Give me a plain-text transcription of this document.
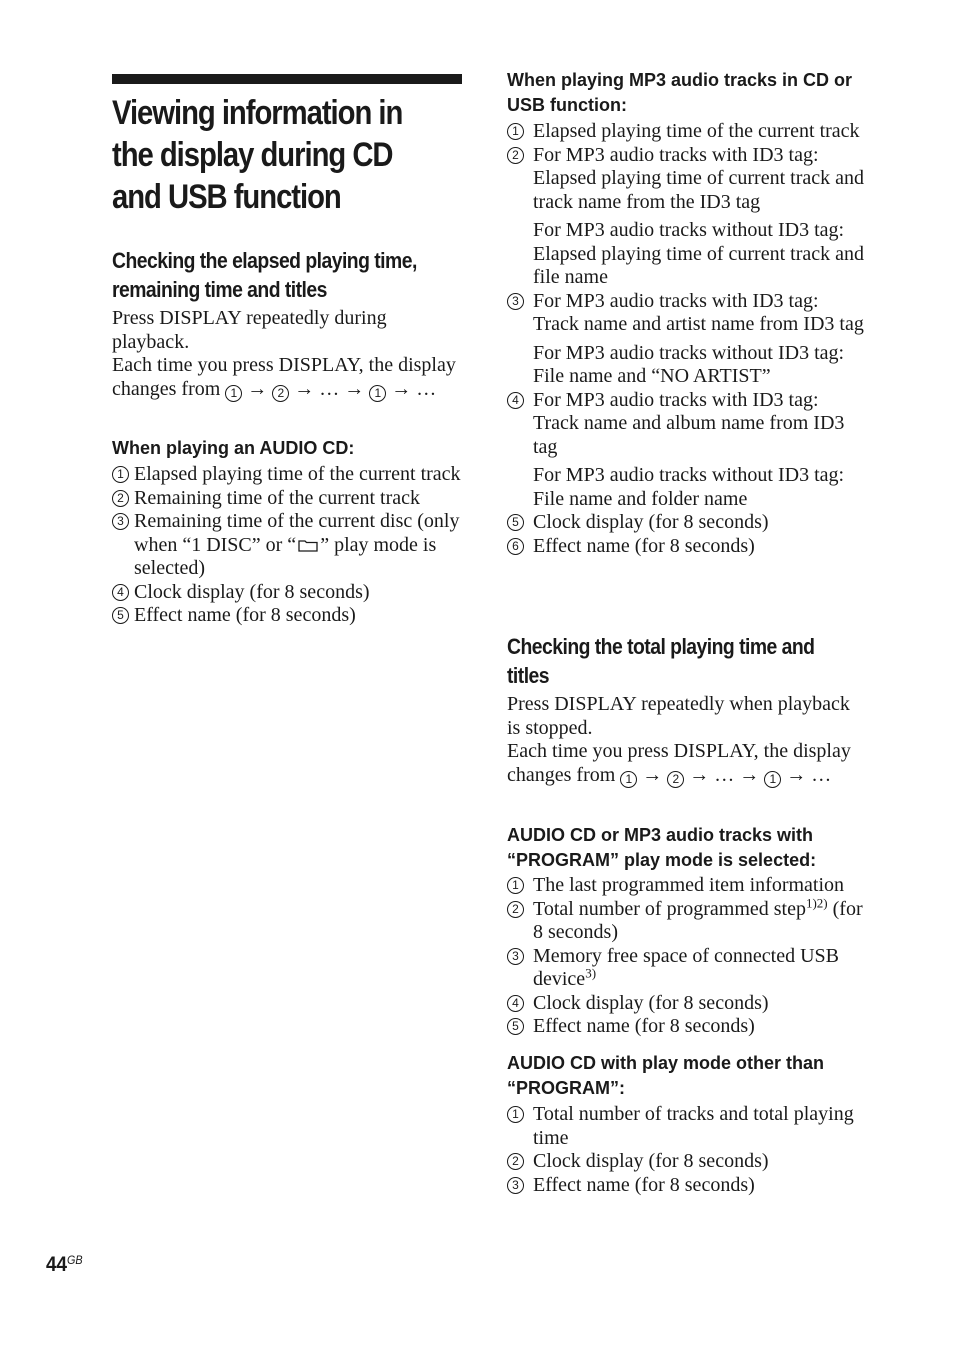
Viewing information in the display during CD and USB function
Checking the elapsed playing time, remaining time and titles

Press DISPLAY repeatedly during playback.

Each time you press DISPLAY, the display changes from 1 → 2 → … → 1 → …

When playing an AUDIO CD:
1 Elapsed playing time of the current track
2 Remaining time of the current track
3 Remaining time of the current disc (only when “1 DISC” or “ ” play mode is selected)
4 Clock display (for 8 seconds)
5 Effect name (for 8 seconds)
When playing MP3 audio tracks in CD or USB function:
1 Elapsed playing time of the current track
2 For MP3 audio tracks with ID3 tag: Elapsed playing time of current track and track name from the ID3 tag
For MP3 audio tracks without ID3 tag: Elapsed playing time of current track and file name
3 For MP3 audio tracks with ID3 tag: Track name and artist name from ID3 tag
For MP3 audio tracks without ID3 tag: File name and “NO ARTIST”
4 For MP3 audio tracks with ID3 tag: Track name and album name from ID3 tag
For MP3 audio tracks without ID3 tag: File name and folder name
5 Clock display (for 8 seconds)
6 Effect name (for 8 seconds)
Checking the total playing time and titles

Press DISPLAY repeatedly when playback is stopped.

Each time you press DISPLAY, the display changes from 1 → 2 → … → 1 → …

AUDIO CD or MP3 audio tracks with “PROGRAM” play mode is selected:
1 The last programmed item information
2 Total number of programmed step$^{1)2)}$ (for 8 seconds)
3 Memory free space of connected USB device$^{3)}$
4 Clock display (for 8 seconds)
5 Effect name (for 8 seconds)
AUDIO CD with play mode other than “PROGRAM”:
1 Total number of tracks and total playing time
2 Clock display (for 8 seconds)
3 Effect name (for 8 seconds)
$44^{GB}$
